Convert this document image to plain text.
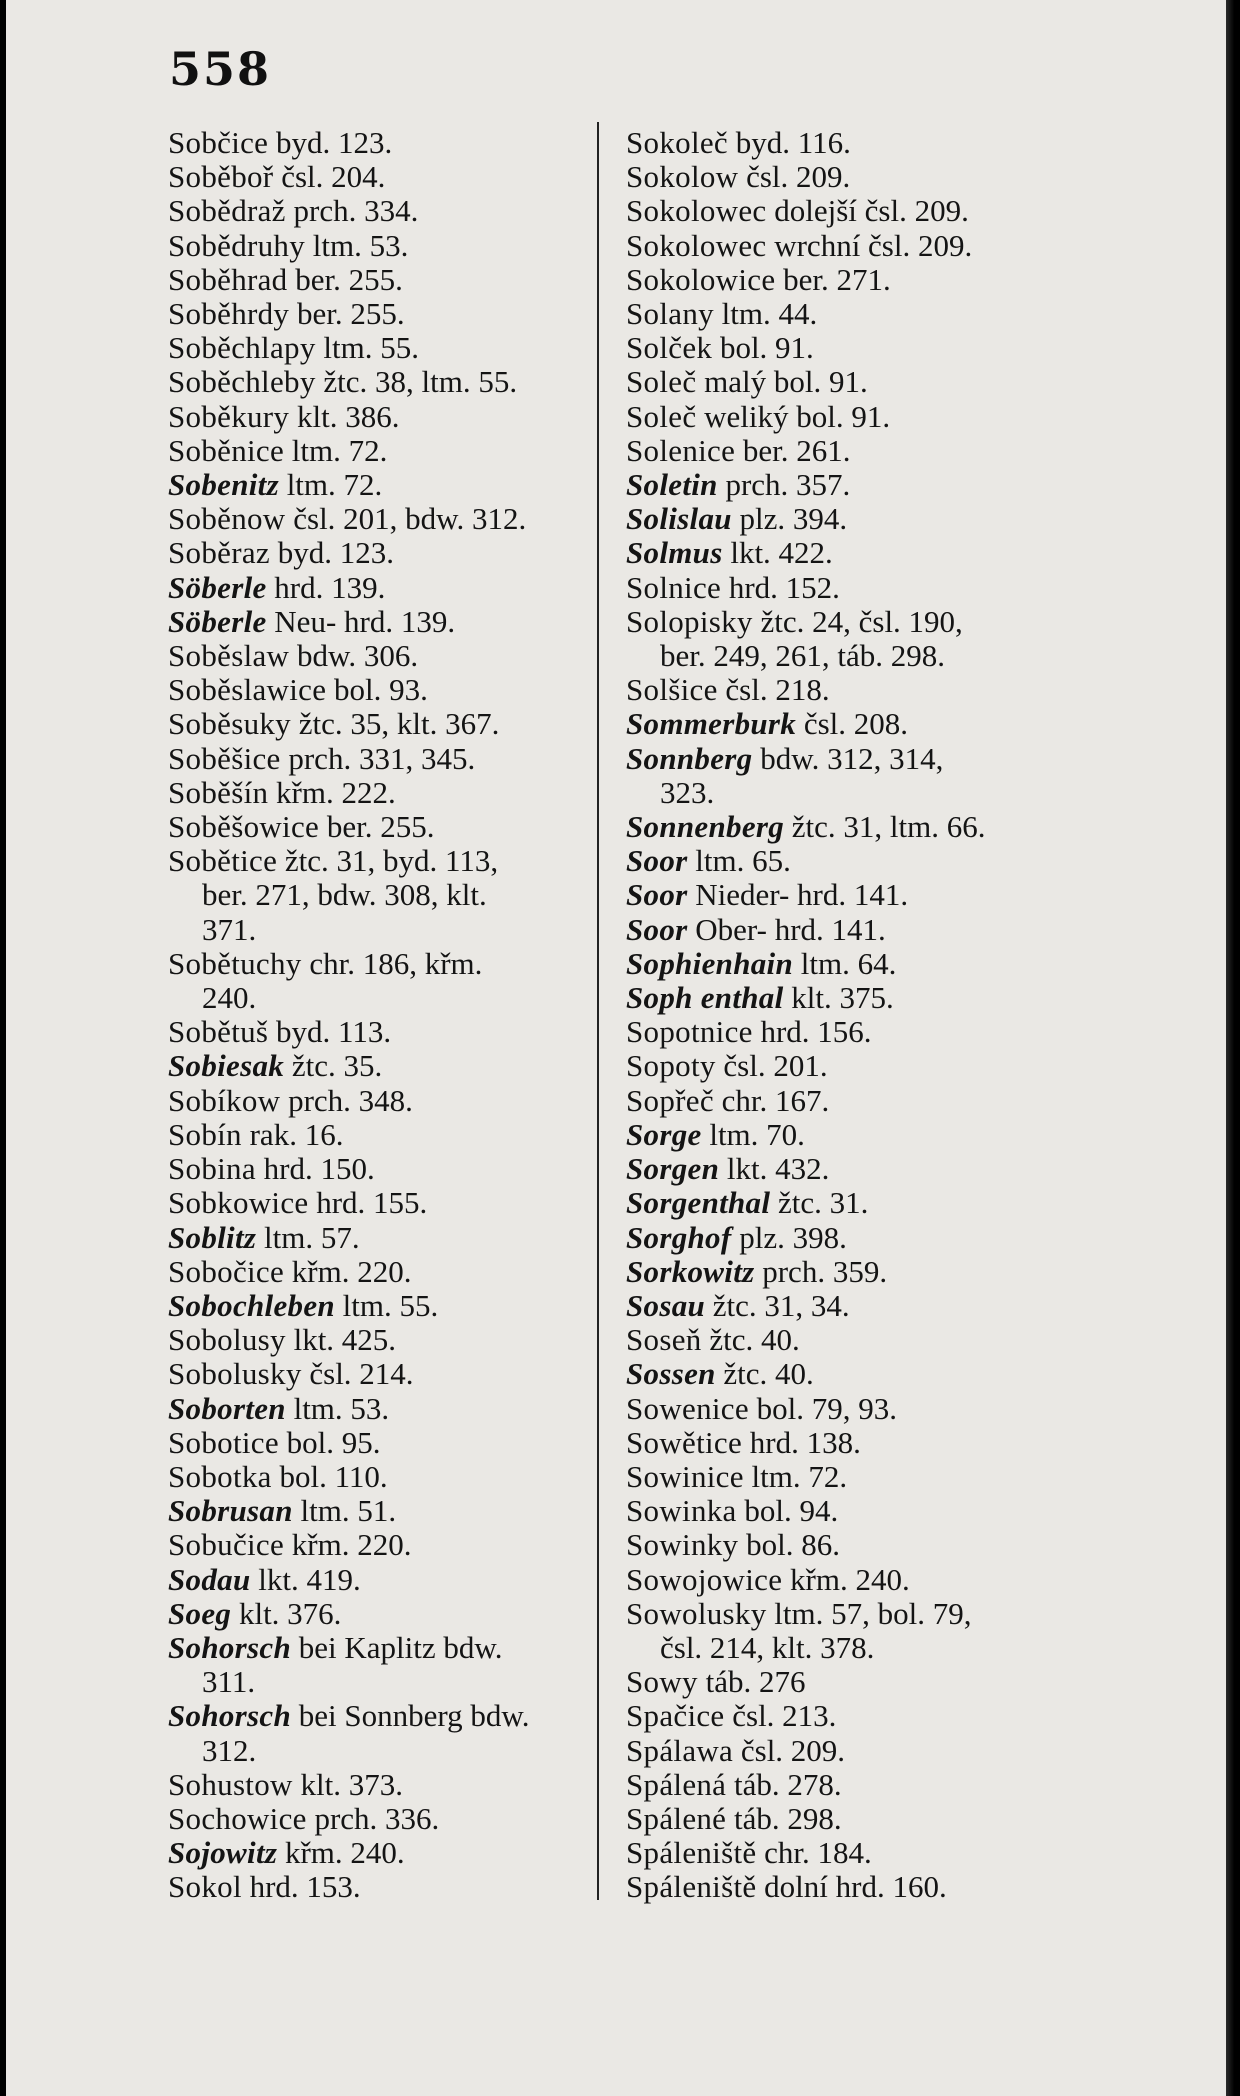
558
Sobčice byd. 123.
Soběboř čsl. 204.
Sobědraž prch. 334.
Sobědruhy ltm. 53.
Soběhrad ber. 255.
Soběhrdy ber. 255.
Soběchlapy ltm. 55.
Soběchleby žtc. 38, ltm. 55.
Soběkury klt. 386.
Soběnice ltm. 72.
Sobenitz ltm. 72.
Soběnow čsl. 201, bdw. 312.
Soběraz byd. 123.
Söberle hrd. 139.
Söberle Neu- hrd. 139.
Soběslaw bdw. 306.
Soběslawice bol. 93.
Soběsuky žtc. 35, klt. 367.
Soběšice prch. 331, 345.
Soběšín křm. 222.
Soběšowice ber. 255.
Sobětice žtc. 31, byd. 113,
ber. 271, bdw. 308, klt.
371.
Sobětuchy chr. 186, křm.
240.
Sobětuš byd. 113.
Sobiesak žtc. 35.
Sobíkow prch. 348.
Sobín rak. 16.
Sobina hrd. 150.
Sobkowice hrd. 155.
Soblitz ltm. 57.
Sobočice křm. 220.
Sobochleben ltm. 55.
Sobolusy lkt. 425.
Sobolusky čsl. 214.
Soborten ltm. 53.
Sobotice bol. 95.
Sobotka bol. 110.
Sobrusan ltm. 51.
Sobučice křm. 220.
Sodau lkt. 419.
Soeg klt. 376.
Sohorsch bei Kaplitz bdw.
311.
Sohorsch bei Sonnberg bdw.
312.
Sohustow klt. 373.
Sochowice prch. 336.
Sojowitz křm. 240.
Sokol hrd. 153.
Sokoleč byd. 116.
Sokolow čsl. 209.
Sokolowec dolejší čsl. 209.
Sokolowec wrchní čsl. 209.
Sokolowice ber. 271.
Solany ltm. 44.
Solček bol. 91.
Soleč malý bol. 91.
Soleč weliký bol. 91.
Solenice ber. 261.
Soletin prch. 357.
Solislau plz. 394.
Solmus lkt. 422.
Solnice hrd. 152.
Solopisky žtc. 24, čsl. 190,
ber. 249, 261, táb. 298.
Solšice čsl. 218.
Sommerburk čsl. 208.
Sonnberg bdw. 312, 314,
323.
Sonnenberg žtc. 31, ltm. 66.
Soor ltm. 65.
Soor Nieder- hrd. 141.
Soor Ober- hrd. 141.
Sophienhain ltm. 64.
Soph enthal klt. 375.
Sopotnice hrd. 156.
Sopoty čsl. 201.
Sopřeč chr. 167.
Sorge ltm. 70.
Sorgen lkt. 432.
Sorgenthal žtc. 31.
Sorghof plz. 398.
Sorkowitz prch. 359.
Sosau žtc. 31, 34.
Soseň žtc. 40.
Sossen žtc. 40.
Sowenice bol. 79, 93.
Sowětice hrd. 138.
Sowinice ltm. 72.
Sowinka bol. 94.
Sowinky bol. 86.
Sowojowice křm. 240.
Sowolusky ltm. 57, bol. 79,
čsl. 214, klt. 378.
Sowy táb. 276
Spačice čsl. 213.
Spálawa čsl. 209.
Spálená táb. 278.
Spálené táb. 298.
Spáleniště chr. 184.
Spáleniště dolní hrd. 160.
